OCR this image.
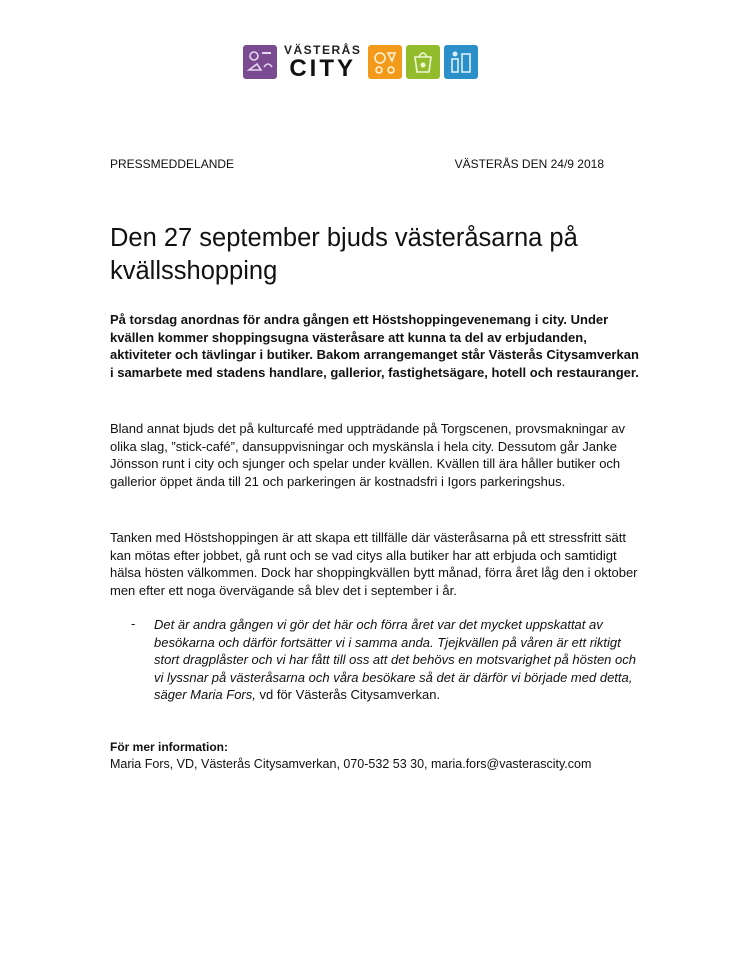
VÄSTERÅS
CITY
PRESSMEDDELANDE	VÄSTERÅS DEN 24/9 2018
Den 27 september bjuds västeråsarna på kvällsshopping

På torsdag anordnas för andra gången ett Höstshoppingevenemang i city. Under kvällen kommer shoppingsugna västeråsare att kunna ta del av erbjudanden, aktiviteter och tävlingar i butiker. Bakom arrangemanget står Västerås Citysamverkan i samarbete med stadens handlare, gallerior, fastighetsägare, hotell och restauranger.

Bland annat bjuds det på kulturcafé med uppträdande på Torgscenen, provsmakningar av olika slag, ”stick-café”, dansuppvisningar och myskänsla i hela city. Dessutom går Janke Jönsson runt i city och sjunger och spelar under kvällen. Kvällen till ära håller butiker och gallerior öppet ända till 21 och parkeringen är kostnadsfri i Igors parkeringshus.

Tanken med Höstshoppingen är att skapa ett tillfälle där västeråsarna på ett stressfritt sätt kan mötas efter jobbet, gå runt och se vad citys alla butiker har att erbjuda och samtidigt hälsa hösten välkommen. Dock har shoppingkvällen bytt månad, förra året låg den i oktober men efter ett noga övervägande så blev det i september i år.

- Det är andra gången vi gör det här och förra året var det mycket uppskattat av besökarna och därför fortsätter vi i samma anda. Tjejkvällen på våren är ett riktigt stort dragplåster och vi har fått till oss att det behövs en motsvarighet på hösten och vi lyssnar på västeråsarna och våra besökare så det är därför vi började med detta, säger Maria Fors, vd för Västerås Citysamverkan.

För mer information:
Maria Fors, VD, Västerås Citysamverkan, 070-532 53 30, maria.fors@vasterascity.com
